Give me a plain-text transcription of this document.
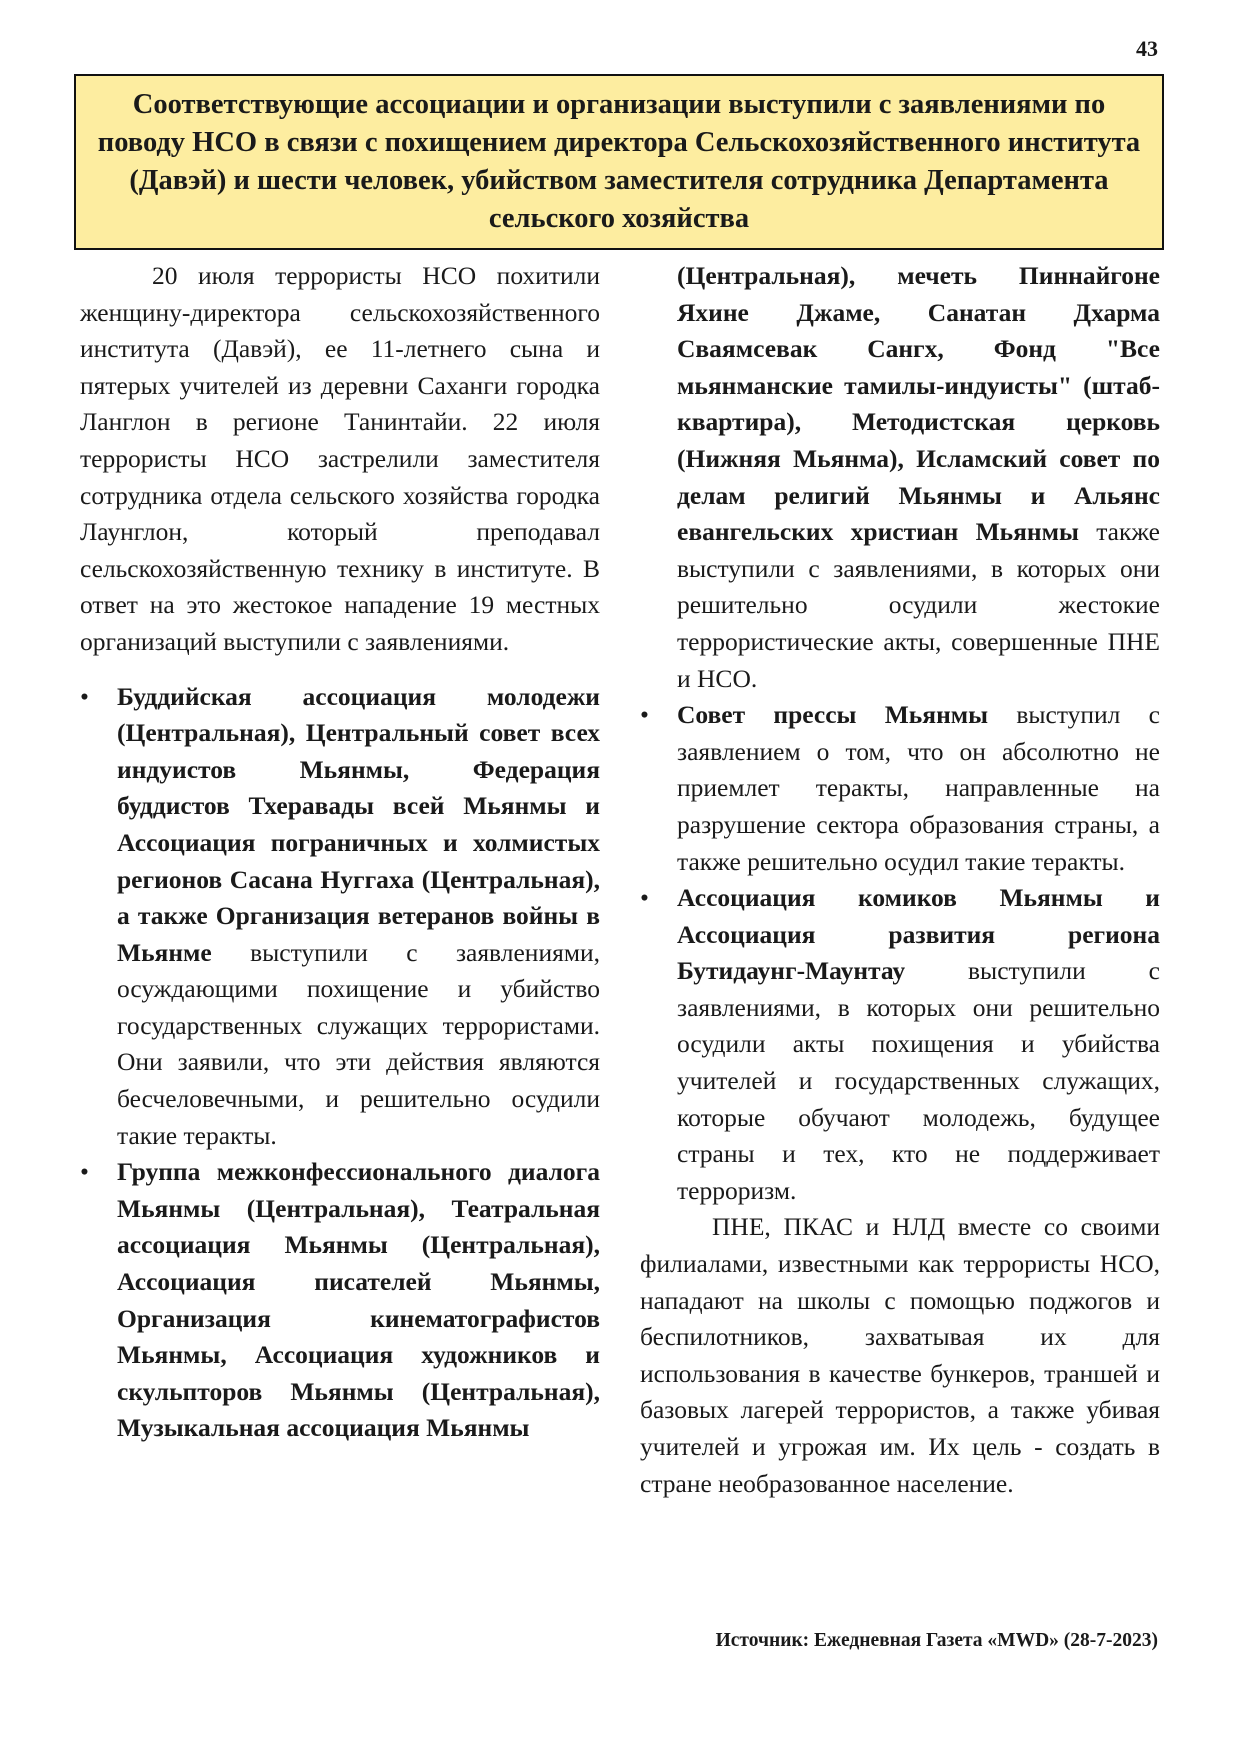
43
Соответствующие ассоциации и организации выступили с заявлениями по поводу НСО в связи с похищением директора Сельскохозяйственного института (Давэй) и шести человек, убийством заместителя сотрудника Департамента сельского хозяйства

20 июля террористы НСО похитили женщину-директора сельскохозяйственного института (Давэй), ее 11-летнего сына и пятерых учителей из деревни Саханги городка Ланглон в регионе Танинтайи. 22 июля террористы НСО застрелили заместителя сотрудника отдела сельского хозяйства городка Лаунглон, который преподавал сельскохозяйственную технику в институте. В ответ на это жестокое нападение 19 местных организаций выступили с заявлениями.

• Буддийская ассоциация молодежи (Центральная), Центральный совет всех индуистов Мьянмы, Федерация буддистов Тхеравады всей Мьянмы и Ассоциация пограничных и холмистых регионов Сасана Нуггаха (Центральная), а также Организация ветеранов войны в Мьянме выступили с заявлениями, осуждающими похищение и убийство государственных служащих террористами. Они заявили, что эти действия являются бесчеловечными, и решительно осудили такие теракты.
• Группа межконфессионального диалога Мьянмы (Центральная), Театральная ассоциация Мьянмы (Центральная), Ассоциация писателей Мьянмы, Организация кинематографистов Мьянмы, Ассоциация художников и скульпторов Мьянмы (Центральная), Музыкальная ассоциация Мьянмы

(Центральная), мечеть Пиннайгоне Яхине Джаме, Санатан Дхарма Сваямсевак Сангх, Фонд "Все мьянманские тамилы-индуисты" (штаб-квартира), Методистская церковь (Нижняя Мьянма), Исламский совет по делам религий Мьянмы и Альянс евангельских христиан Мьянмы также выступили с заявлениями, в которых они решительно осудили жестокие террористические акты, совершенные ПНЕ и НСО.

• Совет прессы Мьянмы выступил с заявлением о том, что он абсолютно не приемлет теракты, направленные на разрушение сектора образования страны, а также решительно осудил такие теракты.
• Ассоциация комиков Мьянмы и Ассоциация развития региона Бутидаунг-Маунтау выступили с заявлениями, в которых они решительно осудили акты похищения и убийства учителей и государственных служащих, которые обучают молодежь, будущее страны и тех, кто не поддерживает терроризм.

ПНЕ, ПКАС и НЛД вместе со своими филиалами, известными как террористы НСО, нападают на школы с помощью поджогов и беспилотников, захватывая их для использования в качестве бункеров, траншей и базовых лагерей террористов, а также убивая учителей и угрожая им. Их цель - создать в стране необразованное население.

Источник: Ежедневная Газета «MWD» (28-7-2023)
